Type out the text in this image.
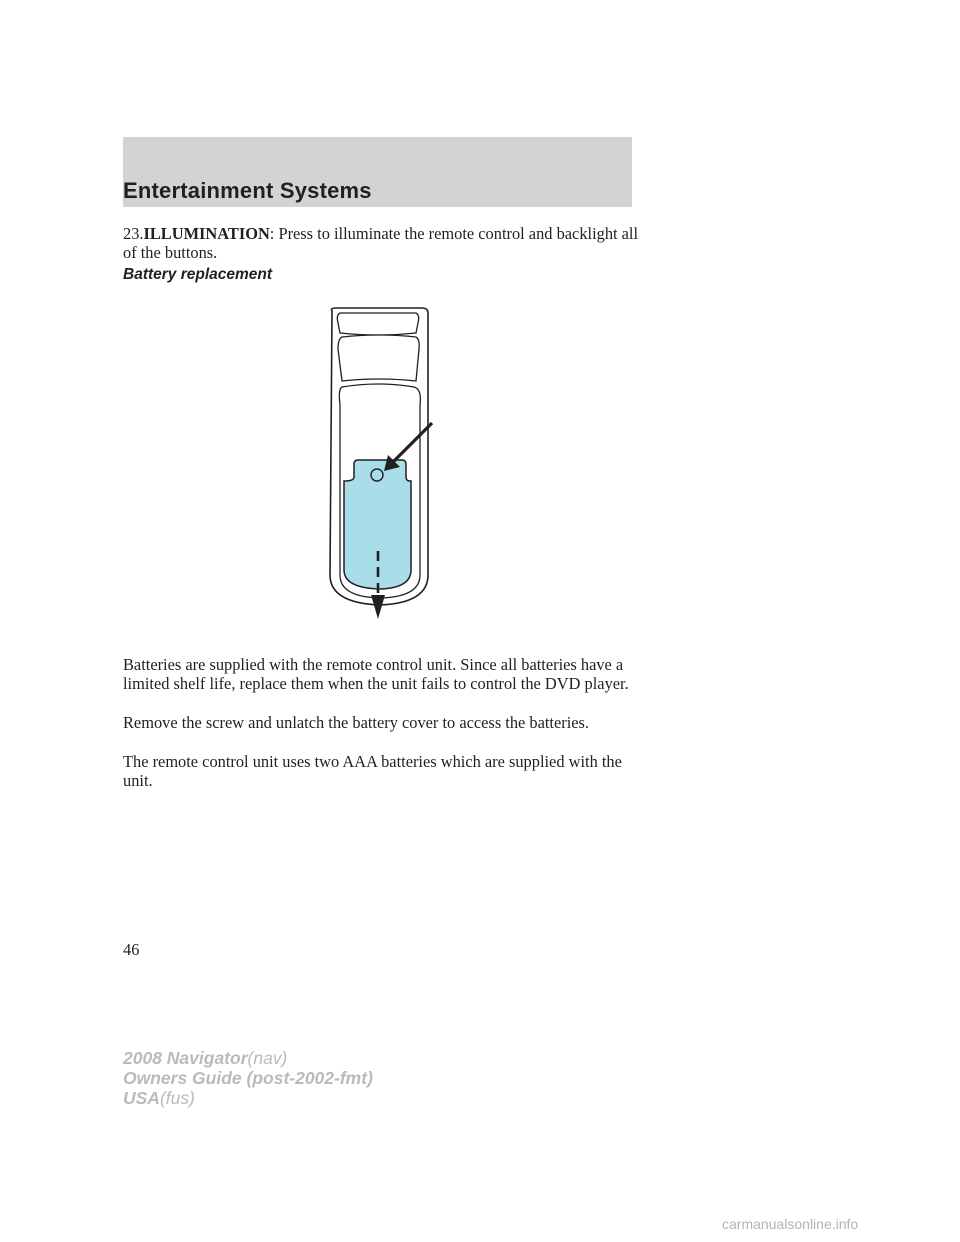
Entertainment Systems
23.ILLUMINATION: Press to illuminate the remote control and backlight all of the buttons.
Battery replacement
Batteries are supplied with the remote control unit. Since all batteries have a limited shelf life, replace them when the unit fails to control the DVD player.
Remove the screw and unlatch the battery cover to access the batteries.
The remote control unit uses two AAA batteries which are supplied with the unit.
46
2008 Navigator(nav)
Owners Guide (post-2002-fmt)
USA(fus)
carmanualsonline.info
